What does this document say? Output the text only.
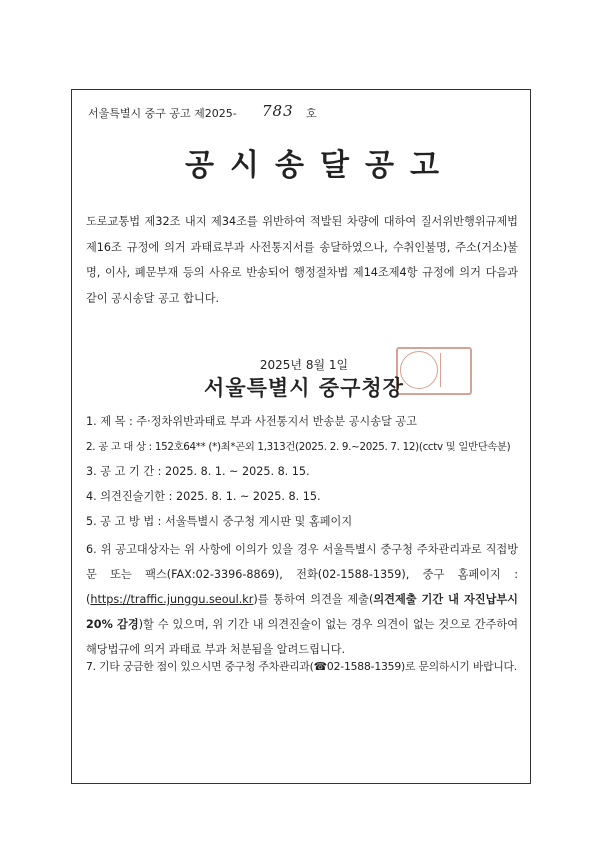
서울특별시 중구 공고 제2025- 783 호
공시송달공고
도로교통법 제32조 내지 제34조를 위반하여 적발된 차량에 대하여 질서위반행위규제법 제16조 규정에 의거 과태료부과 사전통지서를 송달하였으나, 수취인불명, 주소(거소)불명, 이사, 폐문부재 등의 사유로 반송되어 행정절차법 제14조제4항 규정에 의거 다음과 같이 공시송달 공고 합니다.
2025년 8월 1일
서울특별시 중구청장
1. 제 목 : 주·정차위반과태료 부과 사전통지서 반송분 공시송달 공고
2. 공 고 대 상 : 152호64** (*)최*곤외 1,313건(2025. 2. 9.~2025. 7. 12)(cctv 및 일반단속분)
3. 공 고 기 간 : 2025. 8. 1. ~ 2025. 8. 15.
4. 의견진술기한 : 2025. 8. 1. ~ 2025. 8. 15.
5. 공 고 방 법 : 서울특별시 중구청 게시판 및 홈페이지
6. 위 공고대상자는 위 사항에 이의가 있을 경우 서울특별시 중구청 주차관리과로 직접방문 또는 팩스(FAX:02-3396-8869), 전화(02-1588-1359), 중구 홈페이지 : (https://traffic.junggu.seoul.kr)를 통하여 의견을 제출(의견제출 기간 내 자진납부시 20% 감경)할 수 있으며, 위 기간 내 의견진술이 없는 경우 의견이 없는 것으로 간주하여 해당법규에 의거 과태료 부과 처분됨을 알려드립니다.
7. 기타 궁금한 점이 있으시면 중구청 주차관리과(☎02-1588-1359)로 문의하시기 바랍니다.
